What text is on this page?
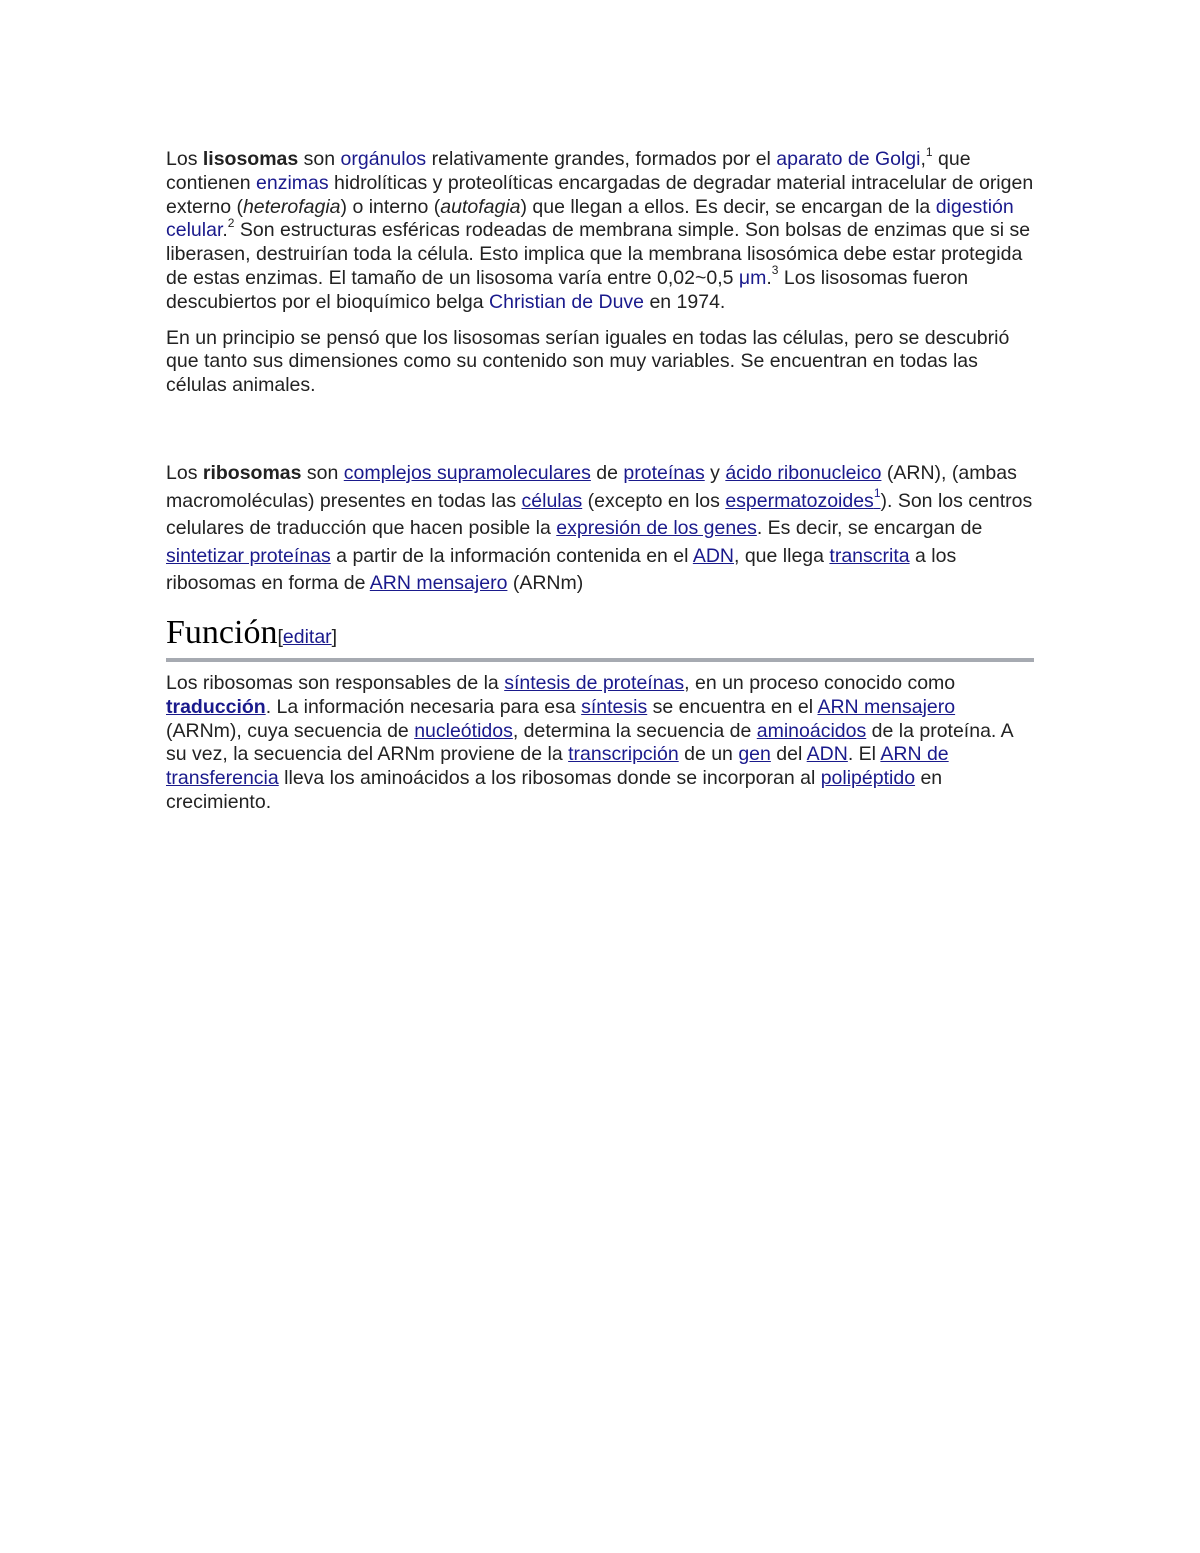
Los lisosomas son orgánulos relativamente grandes, formados por el aparato de Golgi,$^1$ que contienen enzimas hidrolíticas y proteolíticas encargadas de degradar material intracelular de origen externo (heterofagia) o interno (autofagia) que llegan a ellos. Es decir, se encargan de la digestión celular.$^2$ Son estructuras esféricas rodeadas de membrana simple. Son bolsas de enzimas que si se liberasen, destruirían toda la célula. Esto implica que la membrana lisosómica debe estar protegida de estas enzimas. El tamaño de un lisosoma varía entre 0,02~0,5 μm.$^3$ Los lisosomas fueron descubiertos por el bioquímico belga Christian de Duve en 1974.

En un principio se pensó que los lisosomas serían iguales en todas las células, pero se descubrió que tanto sus dimensiones como su contenido son muy variables. Se encuentran en todas las células animales.

Los ribosomas son complejos supramoleculares de proteínas y ácido ribonucleico (ARN), (ambas macromoléculas) presentes en todas las células (excepto en los espermatozoides$^1$). Son los centros celulares de traducción que hacen posible la expresión de los genes. Es decir, se encargan de sintetizar proteínas a partir de la información contenida en el ADN, que llega transcrita a los ribosomas en forma de ARN mensajero (ARNm)

Función[editar]

Los ribosomas son responsables de la síntesis de proteínas, en un proceso conocido como traducción. La información necesaria para esa síntesis se encuentra en el ARN mensajero (ARNm), cuya secuencia de nucleótidos, determina la secuencia de aminoácidos de la proteína. A su vez, la secuencia del ARNm proviene de la transcripción de un gen del ADN. El ARN de transferencia lleva los aminoácidos a los ribosomas donde se incorporan al polipéptido en crecimiento.
